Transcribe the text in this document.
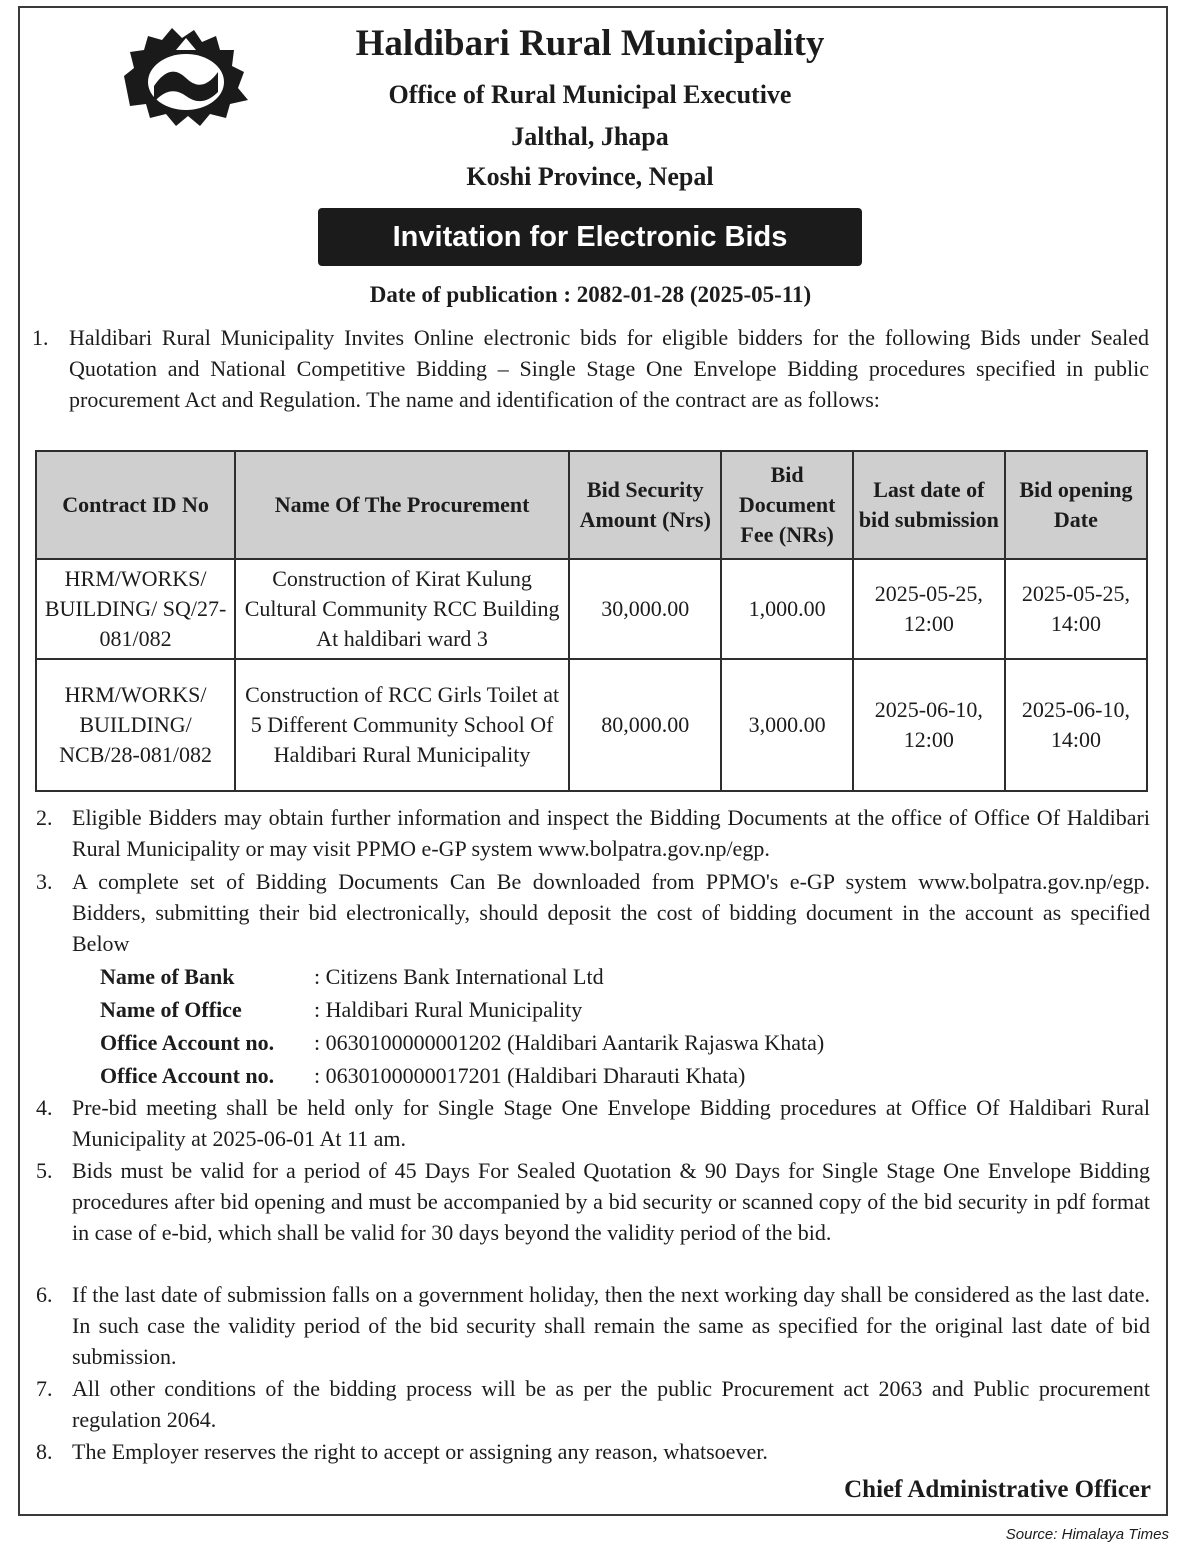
Haldibari Rural Municipality
Office of Rural Municipal Executive
Jalthal, Jhapa
Koshi Province, Nepal
Invitation for Electronic Bids
Date of publication : 2082-01-28 (2025-05-11)
1. Haldibari Rural Municipality Invites Online electronic bids for eligible bidders for the following Bids under Sealed Quotation and National Competitive Bidding – Single Stage One Envelope Bidding procedures specified in public procurement Act and Regulation. The name and identification of the contract are as follows:
Contract ID No	Name Of The Procurement	Bid Security Amount (Nrs)	Bid Document Fee (NRs)	Last date of bid submission	Bid opening Date
HRM/WORKS/ BUILDING/ SQ/27-081/082	Construction of Kirat Kulung Cultural Community RCC Building At haldibari ward 3	30,000.00	1,000.00	2025-05-25, 12:00	2025-05-25, 14:00
HRM/WORKS/ BUILDING/ NCB/28-081/082	Construction of RCC Girls Toilet at 5 Different Community School Of Haldibari Rural Municipality	80,000.00	3,000.00	2025-06-10, 12:00	2025-06-10, 14:00
2. Eligible Bidders may obtain further information and inspect the Bidding Documents at the office of Office Of Haldibari Rural Municipality or may visit PPMO e-GP system www.bolpatra.gov.np/egp.
3. A complete set of Bidding Documents Can Be downloaded from PPMO's e-GP system www.bolpatra.gov.np/egp. Bidders, submitting their bid electronically, should deposit the cost of bidding document in the account as specified Below
Name of Bank	: Citizens Bank International Ltd
Name of Office	: Haldibari Rural Municipality
Office Account no. : 0630100000001202 (Haldibari Aantarik Rajaswa Khata)
Office Account no. : 0630100000017201 (Haldibari Dharauti Khata)
4. Pre-bid meeting shall be held only for Single Stage One Envelope Bidding procedures at Office Of Haldibari Rural Municipality at 2025-06-01 At 11 am.
5. Bids must be valid for a period of 45 Days For Sealed Quotation & 90 Days for Single Stage One Envelope Bidding procedures after bid opening and must be accompanied by a bid security or scanned copy of the bid security in pdf format in case of e-bid, which shall be valid for 30 days beyond the validity period of the bid.
6. If the last date of submission falls on a government holiday, then the next working day shall be considered as the last date. In such case the validity period of the bid security shall remain the same as specified for the original last date of bid submission.
7. All other conditions of the bidding process will be as per the public Procurement act 2063 and Public procurement regulation 2064.
8. The Employer reserves the right to accept or assigning any reason, whatsoever.
Chief Administrative Officer
Source: Himalaya Times
